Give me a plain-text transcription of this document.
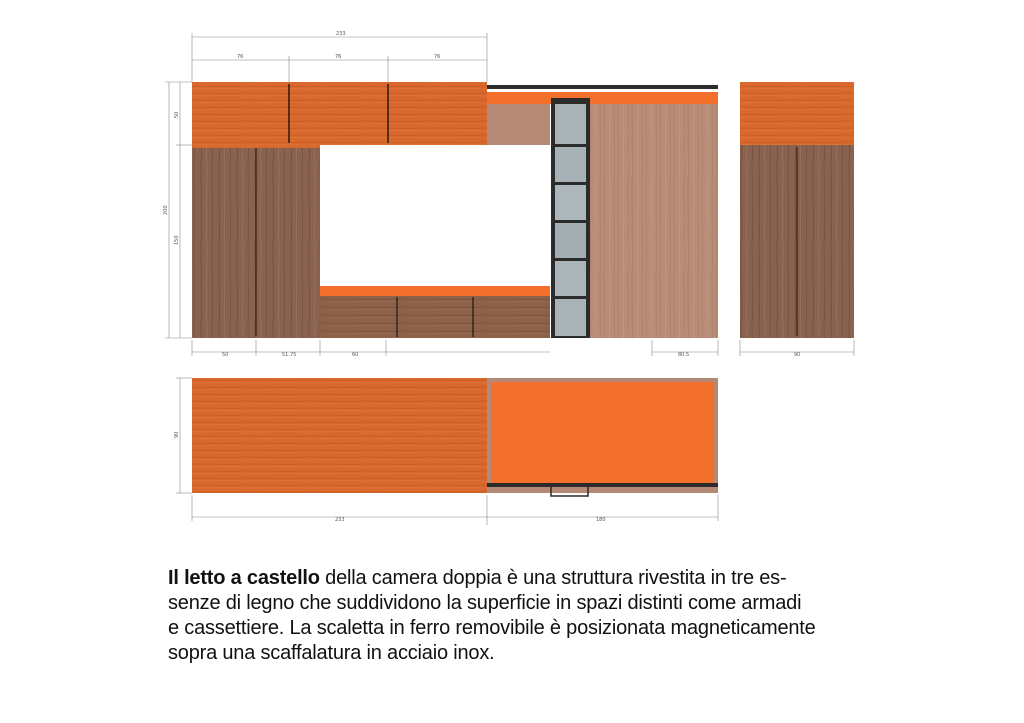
233
76	76	76
50
200
150
50	51.75	60	80.5	90
90
233	180
Il letto a castello della camera doppia è una struttura rivestita in tre es-
senze di legno che suddividono la superficie in spazi distinti come armadi
e cassettiere. La scaletta in ferro removibile è posizionata magneticamente
sopra una scaffalatura in acciaio inox.
